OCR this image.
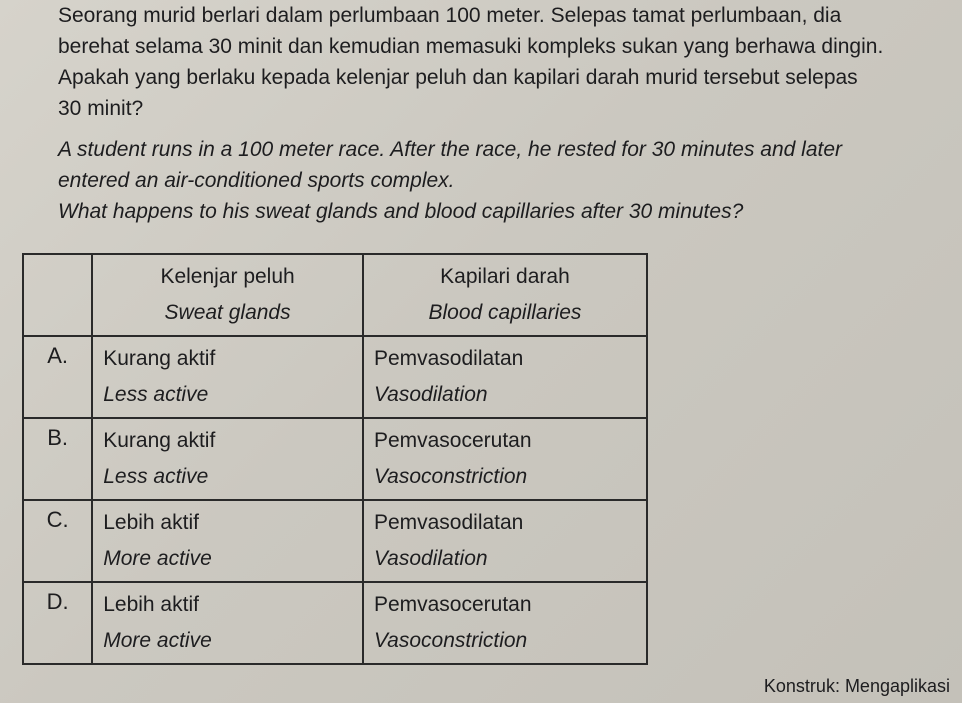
Seorang murid berlari dalam perlumbaan 100 meter. Selepas tamat perlumbaan, dia
berehat selama 30 minit dan kemudian memasuki kompleks sukan yang berhawa dingin.
Apakah yang berlaku kepada kelenjar peluh dan kapilari darah murid tersebut selepas
30 minit?
A student runs in a 100 meter race. After the race, he rested for 30 minutes and later
entered an air-conditioned sports complex.
What happens to his sweat glands and blood capillaries after 30 minutes?

	Kelenjar peluh
Sweat glands	Kapilari darah
Blood capillaries

A.	Kurang aktif
Less active	Pemvasodilatan
Vasodilation

B.	Kurang aktif
Less active	Pemvasocerutan
Vasoconstriction

C.	Lebih aktif
More active	Pemvasodilatan
Vasodilation

D.	Lebih aktif
More active	Pemvasocerutan
Vasoconstriction
Konstruk: Mengaplikasi
